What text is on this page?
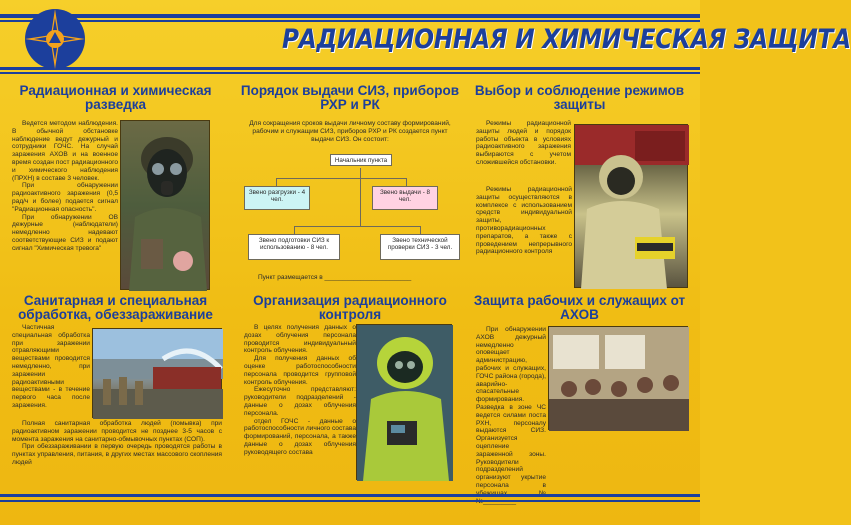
РАДИАЦИОННАЯ И ХИМИЧЕСКАЯ ЗАЩИТА
Радиационная и химическая разведка
Порядок выдачи СИЗ, приборов РХР и РК
Выбор и соблюдение режимов защиты
Санитарная и специальная обработка, обеззараживание
Организация радиационного контроля
Защита рабочих и служащих от АХОВ
Ведется методом наблюдения. В обычной обстановке наблюдение ведут дежурный и сотрудники ГОЧС. На случай заражения АХОВ и на военное время создан пост радиационного и химического наблюдения (ПРХН) в составе 3 человек.
При обнаружении радиоактивного заражения (0,5 рад/ч и более) подается сигнал "Радиационная опасность".
При обнаружении ОВ дежурные (наблюдатели) немедленно надевают соответствующие СИЗ и подают сигнал "Химическая тревога"
Частичная специальная обработка при заражении отравляющими веществами проводится немедленно, при заражении радиоактивными веществами - в течение первого часа после заражения.
Полная санитарная обработка людей (помывка) при радиоактивном заражении проводится не позднее 3-5 часов с момента заражения на санитарно-обмывочных пунктах (СОП).
При обеззараживании в первую очередь проводятся работы в пунктах управления, питания, в других местах массового скопления людей
Для сокращения сроков выдачи личному составу формирований, рабочим и служащим СИЗ, приборов РХР и РК создается пункт выдачи СИЗ. Он состоит:
Начальник пункта
Звено разгрузки - 4 чел.
Звено выдачи - 8 чел.
Звено подготовки СИЗ к использованию - 8 чел.
Звено технической проверки СИЗ - 3 чел.
Пункт размещается в ________________________
В целях получения данных о дозах облучения персонала проводится индивидуальный контроль облучения.
Для получения данных об оценке работоспособности персонала проводится групповой контроль облучения.
Ежесуточно представляют: руководители подразделений - данные о дозах облучения персонала.
отдел ГОЧС - данные о работоспособности личного состава формирований, персонала, а также данные о дозах облучения руководящего состава
Режимы радиационной защиты людей и порядок работы объекта в условиях радиоактивного заражения выбираются с учетом сложившейся обстановки.
Режимы радиационной защиты осуществляются в комплексе с использованием средств индивидуальной защиты, противорадиационных препаратов, а также с проведением непрерывного радиационного контроля
При обнаружении АХОВ дежурный немедленно оповещает администрацию, рабочих и служащих, ГОЧС района (города), аварийно-спасательные формирования. Разведка в зоне ЧС ведется силами поста РХН, персоналу выдаются СИЗ. Организуется оцепление зараженной зоны. Руководители подразделений организуют укрытие персонала в
